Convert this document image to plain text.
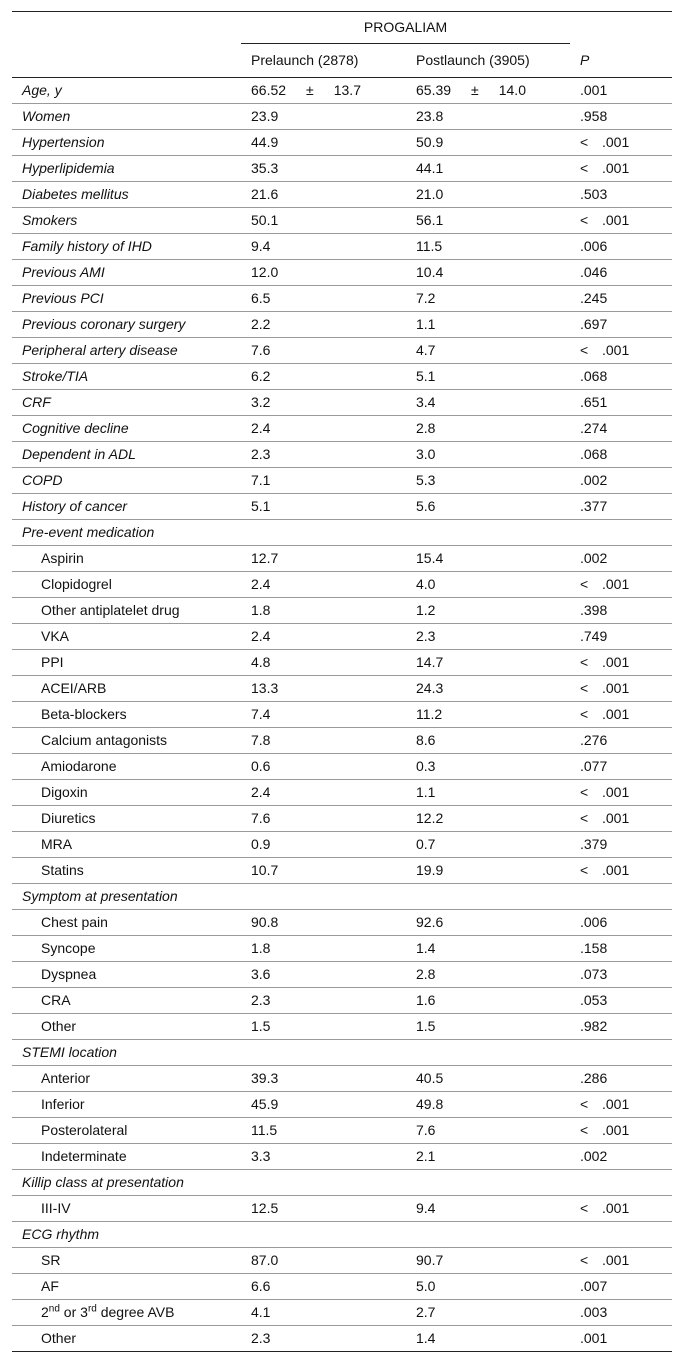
	PROGALIAM		
	Prelaunch (2878)	Postlaunch (3905)	P
Age, y	66.52 ± 13.7	65.39 ± 14.0	.001
Women	23.9	23.8	.958
Hypertension	44.9	50.9	< .001
Hyperlipidemia	35.3	44.1	< .001
Diabetes mellitus	21.6	21.0	.503
Smokers	50.1	56.1	< .001
Family history of IHD	9.4	11.5	.006
Previous AMI	12.0	10.4	.046
Previous PCI	6.5	7.2	.245
Previous coronary surgery	2.2	1.1	.697
Peripheral artery disease	7.6	4.7	< .001
Stroke/TIA	6.2	5.1	.068
CRF	3.2	3.4	.651
Cognitive decline	2.4	2.8	.274
Dependent in ADL	2.3	3.0	.068
COPD	7.1	5.3	.002
History of cancer	5.1	5.6	.377
Pre-event medication			
Aspirin	12.7	15.4	.002
Clopidogrel	2.4	4.0	< .001
Other antiplatelet drug	1.8	1.2	.398
VKA	2.4	2.3	.749
PPI	4.8	14.7	< .001
ACEI/ARB	13.3	24.3	< .001
Beta-blockers	7.4	11.2	< .001
Calcium antagonists	7.8	8.6	.276
Amiodarone	0.6	0.3	.077
Digoxin	2.4	1.1	< .001
Diuretics	7.6	12.2	< .001
MRA	0.9	0.7	.379
Statins	10.7	19.9	< .001
Symptom at presentation			
Chest pain	90.8	92.6	.006
Syncope	1.8	1.4	.158
Dyspnea	3.6	2.8	.073
CRA	2.3	1.6	.053
Other	1.5	1.5	.982
STEMI location			
Anterior	39.3	40.5	.286
Inferior	45.9	49.8	< .001
Posterolateral	11.5	7.6	< .001
Indeterminate	3.3	2.1	.002
Killip class at presentation			
III-IV	12.5	9.4	< .001
ECG rhythm			
SR	87.0	90.7	< .001
AF	6.6	5.0	.007
2nd or 3rd degree AVB	4.1	2.7	.003
Other	2.3	1.4	.001
